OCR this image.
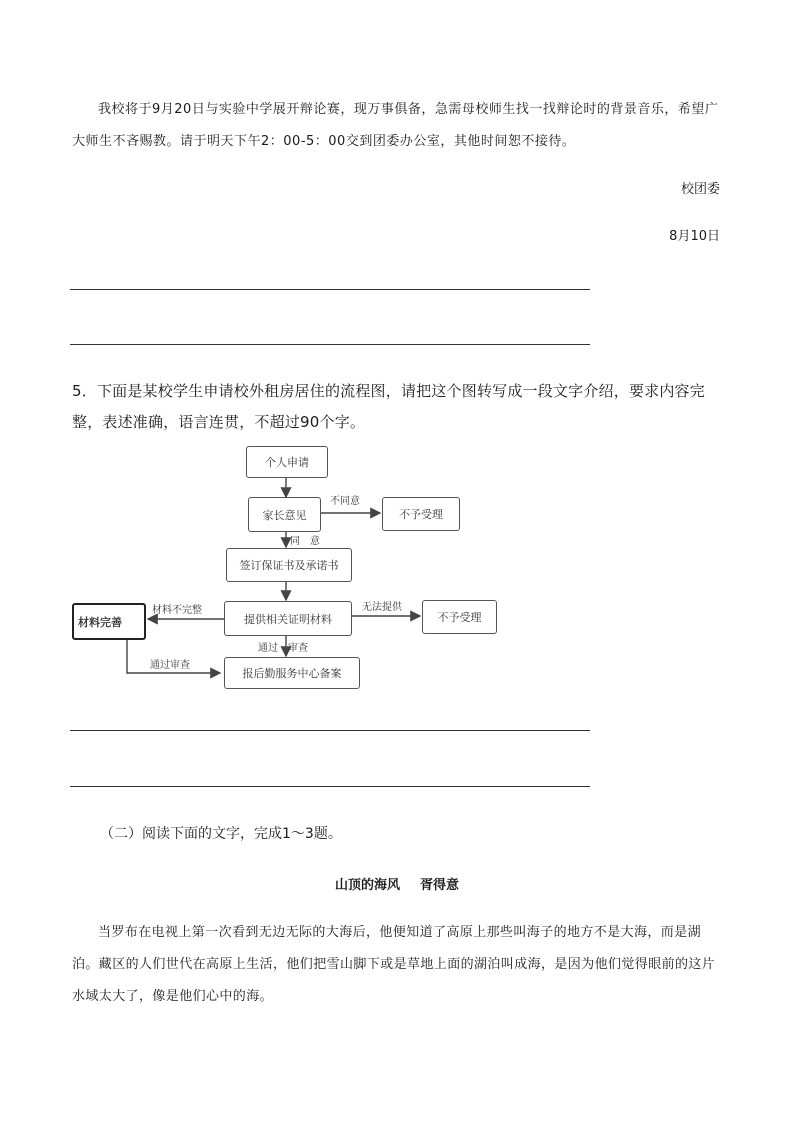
我校将于9月20日与实验中学展开辩论赛，现万事俱备，急需母校师生找一找辩论时的背景音乐，希望广大师生不吝赐教。请于明天下午2：00-5：00交到团委办公室，其他时间恕不接待。
校团委
8月10日
5．下面是某校学生申请校外租房居住的流程图，请把这个图转写成一段文字介绍，要求内容完整，表述准确，语言连贯，不超过90个字。
个人申请
家长意见	不予受理
签订保证书及承诺书
提供相关证明材料	不予受理
材料完善
报后勤服务中心备案
不同意
同　意
材料不完整	无法提供
通过　审查
通过审查
（二）阅读下面的文字，完成1～3题。
山顶的海风 胥得意
当罗布在电视上第一次看到无边无际的大海后，他便知道了高原上那些叫海子的地方不是大海，而是湖泊。藏区的人们世代在高原上生活，他们把雪山脚下或是草地上面的湖泊叫成海，是因为他们觉得眼前的这片水域太大了，像是他们心中的海。
